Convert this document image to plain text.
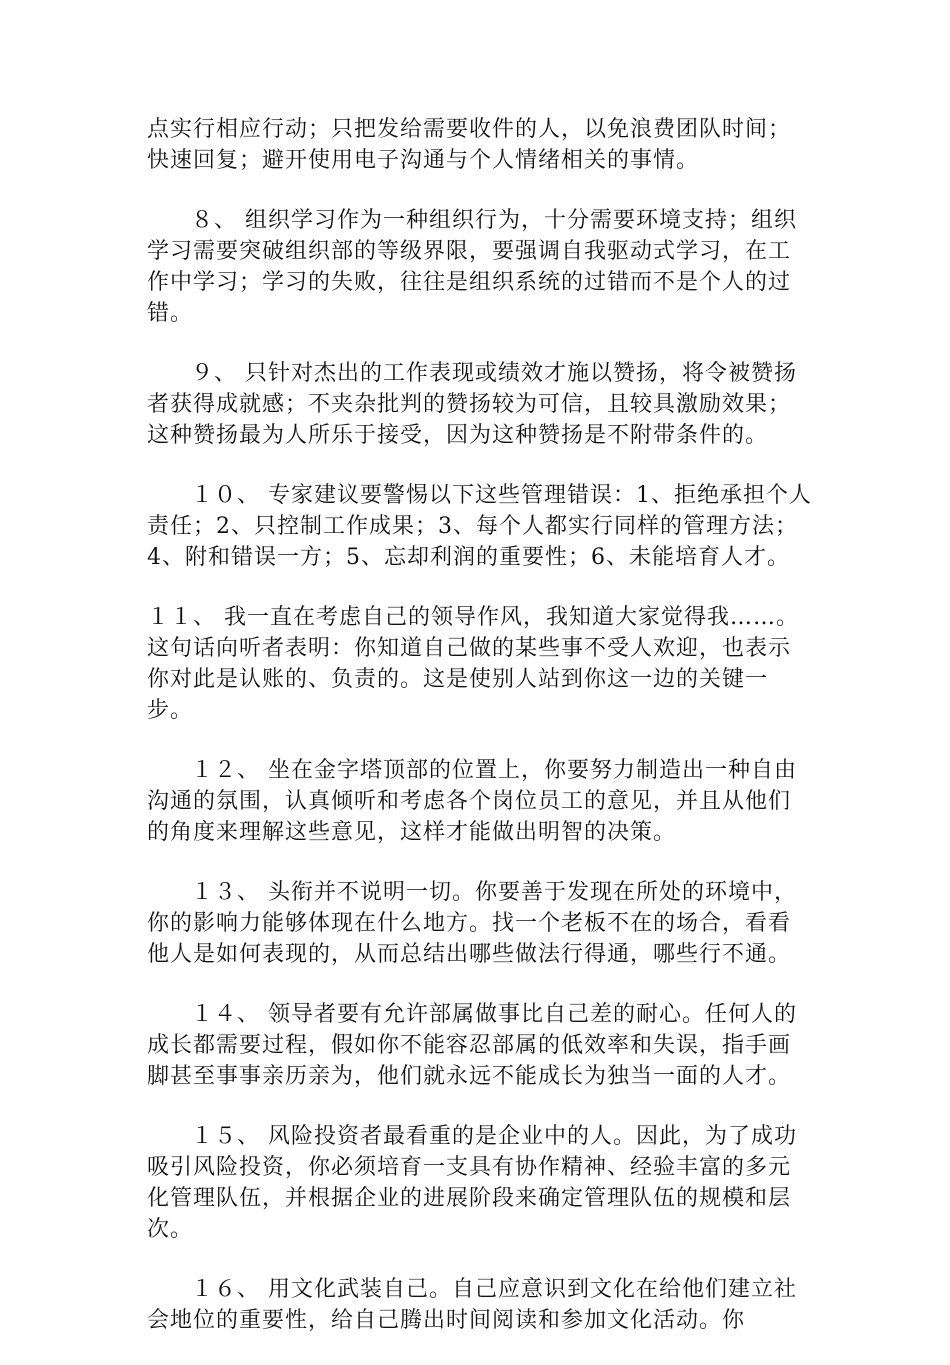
点实行相应行动；只把发给需要收件的人，以免浪费团队时间；快速回复；避开使用电子沟通与个人情绪相关的事情。

８、 组织学习作为一种组织行为，十分需要环境支持；组织学习需要突破组织部的等级界限，要强调自我驱动式学习，在工作中学习；学习的失败，往往是组织系统的过错而不是个人的过错。

９、 只针对杰出的工作表现或绩效才施以赞扬，将令被赞扬者获得成就感；不夹杂批判的赞扬较为可信，且较具激励效果；这种赞扬最为人所乐于接受，因为这种赞扬是不附带条件的。

１０、 专家建议要警惕以下这些管理错误：1、拒绝承担个人责任；2、只控制工作成果；3、每个人都实行同样的管理方法；4、附和错误一方；5、忘却利润的重要性；6、未能培育人才。

１１、 我一直在考虑自己的领导作风，我知道大家觉得我……。这句话向听者表明：你知道自己做的某些事不受人欢迎，也表示你对此是认账的、负责的。这是使别人站到你这一边的关键一步。

１２、 坐在金字塔顶部的位置上，你要努力制造出一种自由沟通的氛围，认真倾听和考虑各个岗位员工的意见，并且从他们的角度来理解这些意见，这样才能做出明智的决策。

１３、 头衔并不说明一切。你要善于发现在所处的环境中，你的影响力能够体现在什么地方。找一个老板不在的场合，看看他人是如何表现的，从而总结出哪些做法行得通，哪些行不通。

１４、 领导者要有允许部属做事比自己差的耐心。任何人的成长都需要过程，假如你不能容忍部属的低效率和失误，指手画脚甚至事事亲历亲为，他们就永远不能成长为独当一面的人才。

１５、 风险投资者最看重的是企业中的人。因此，为了成功吸引风险投资，你必须培育一支具有协作精神、经验丰富的多元化管理队伍，并根据企业的进展阶段来确定管理队伍的规模和层次。

１６、 用文化武装自己。自己应意识到文化在给他们建立社会地位的重要性，给自己腾出时间阅读和参加文化活动。你
